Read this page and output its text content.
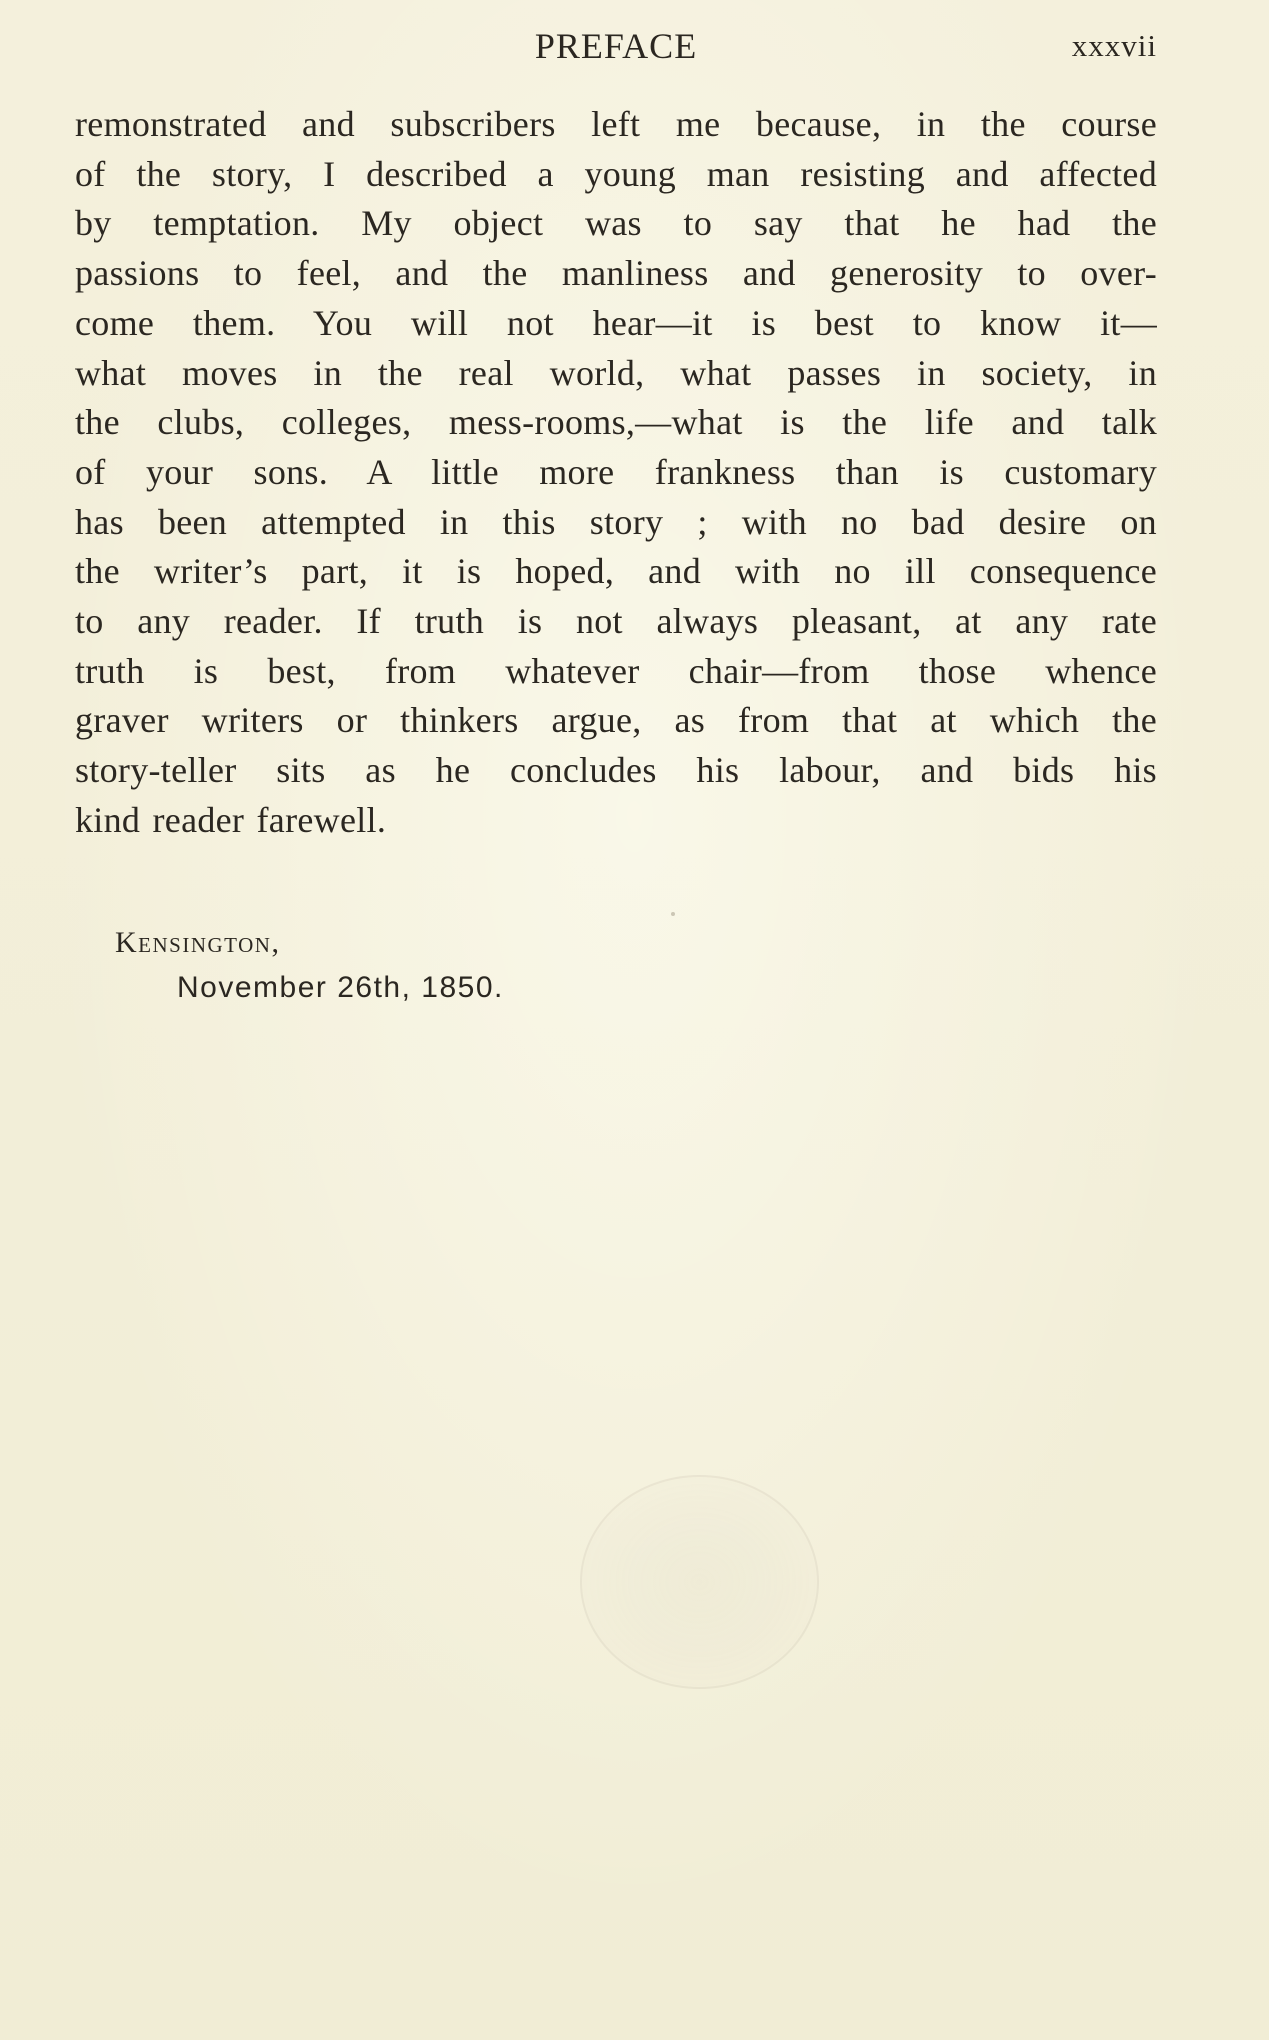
PREFACE	xxxvii
remonstrated and subscribers left me because, in the course
of the story, I described a young man resisting and affected
by temptation. My object was to say that he had the
passions to feel, and the manliness and generosity to over-
come them. You will not hear—it is best to know it—
what moves in the real world, what passes in society, in
the clubs, colleges, mess-rooms,—what is the life and talk
of your sons. A little more frankness than is customary
has been attempted in this story ; with no bad desire on
the writer’s part, it is hoped, and with no ill consequence
to any reader. If truth is not always pleasant, at any rate
truth is best, from whatever chair—from those whence
graver writers or thinkers argue, as from that at which the
story-teller sits as he concludes his labour, and bids his
kind reader farewell.
Kensington,
November 26th, 1850.
